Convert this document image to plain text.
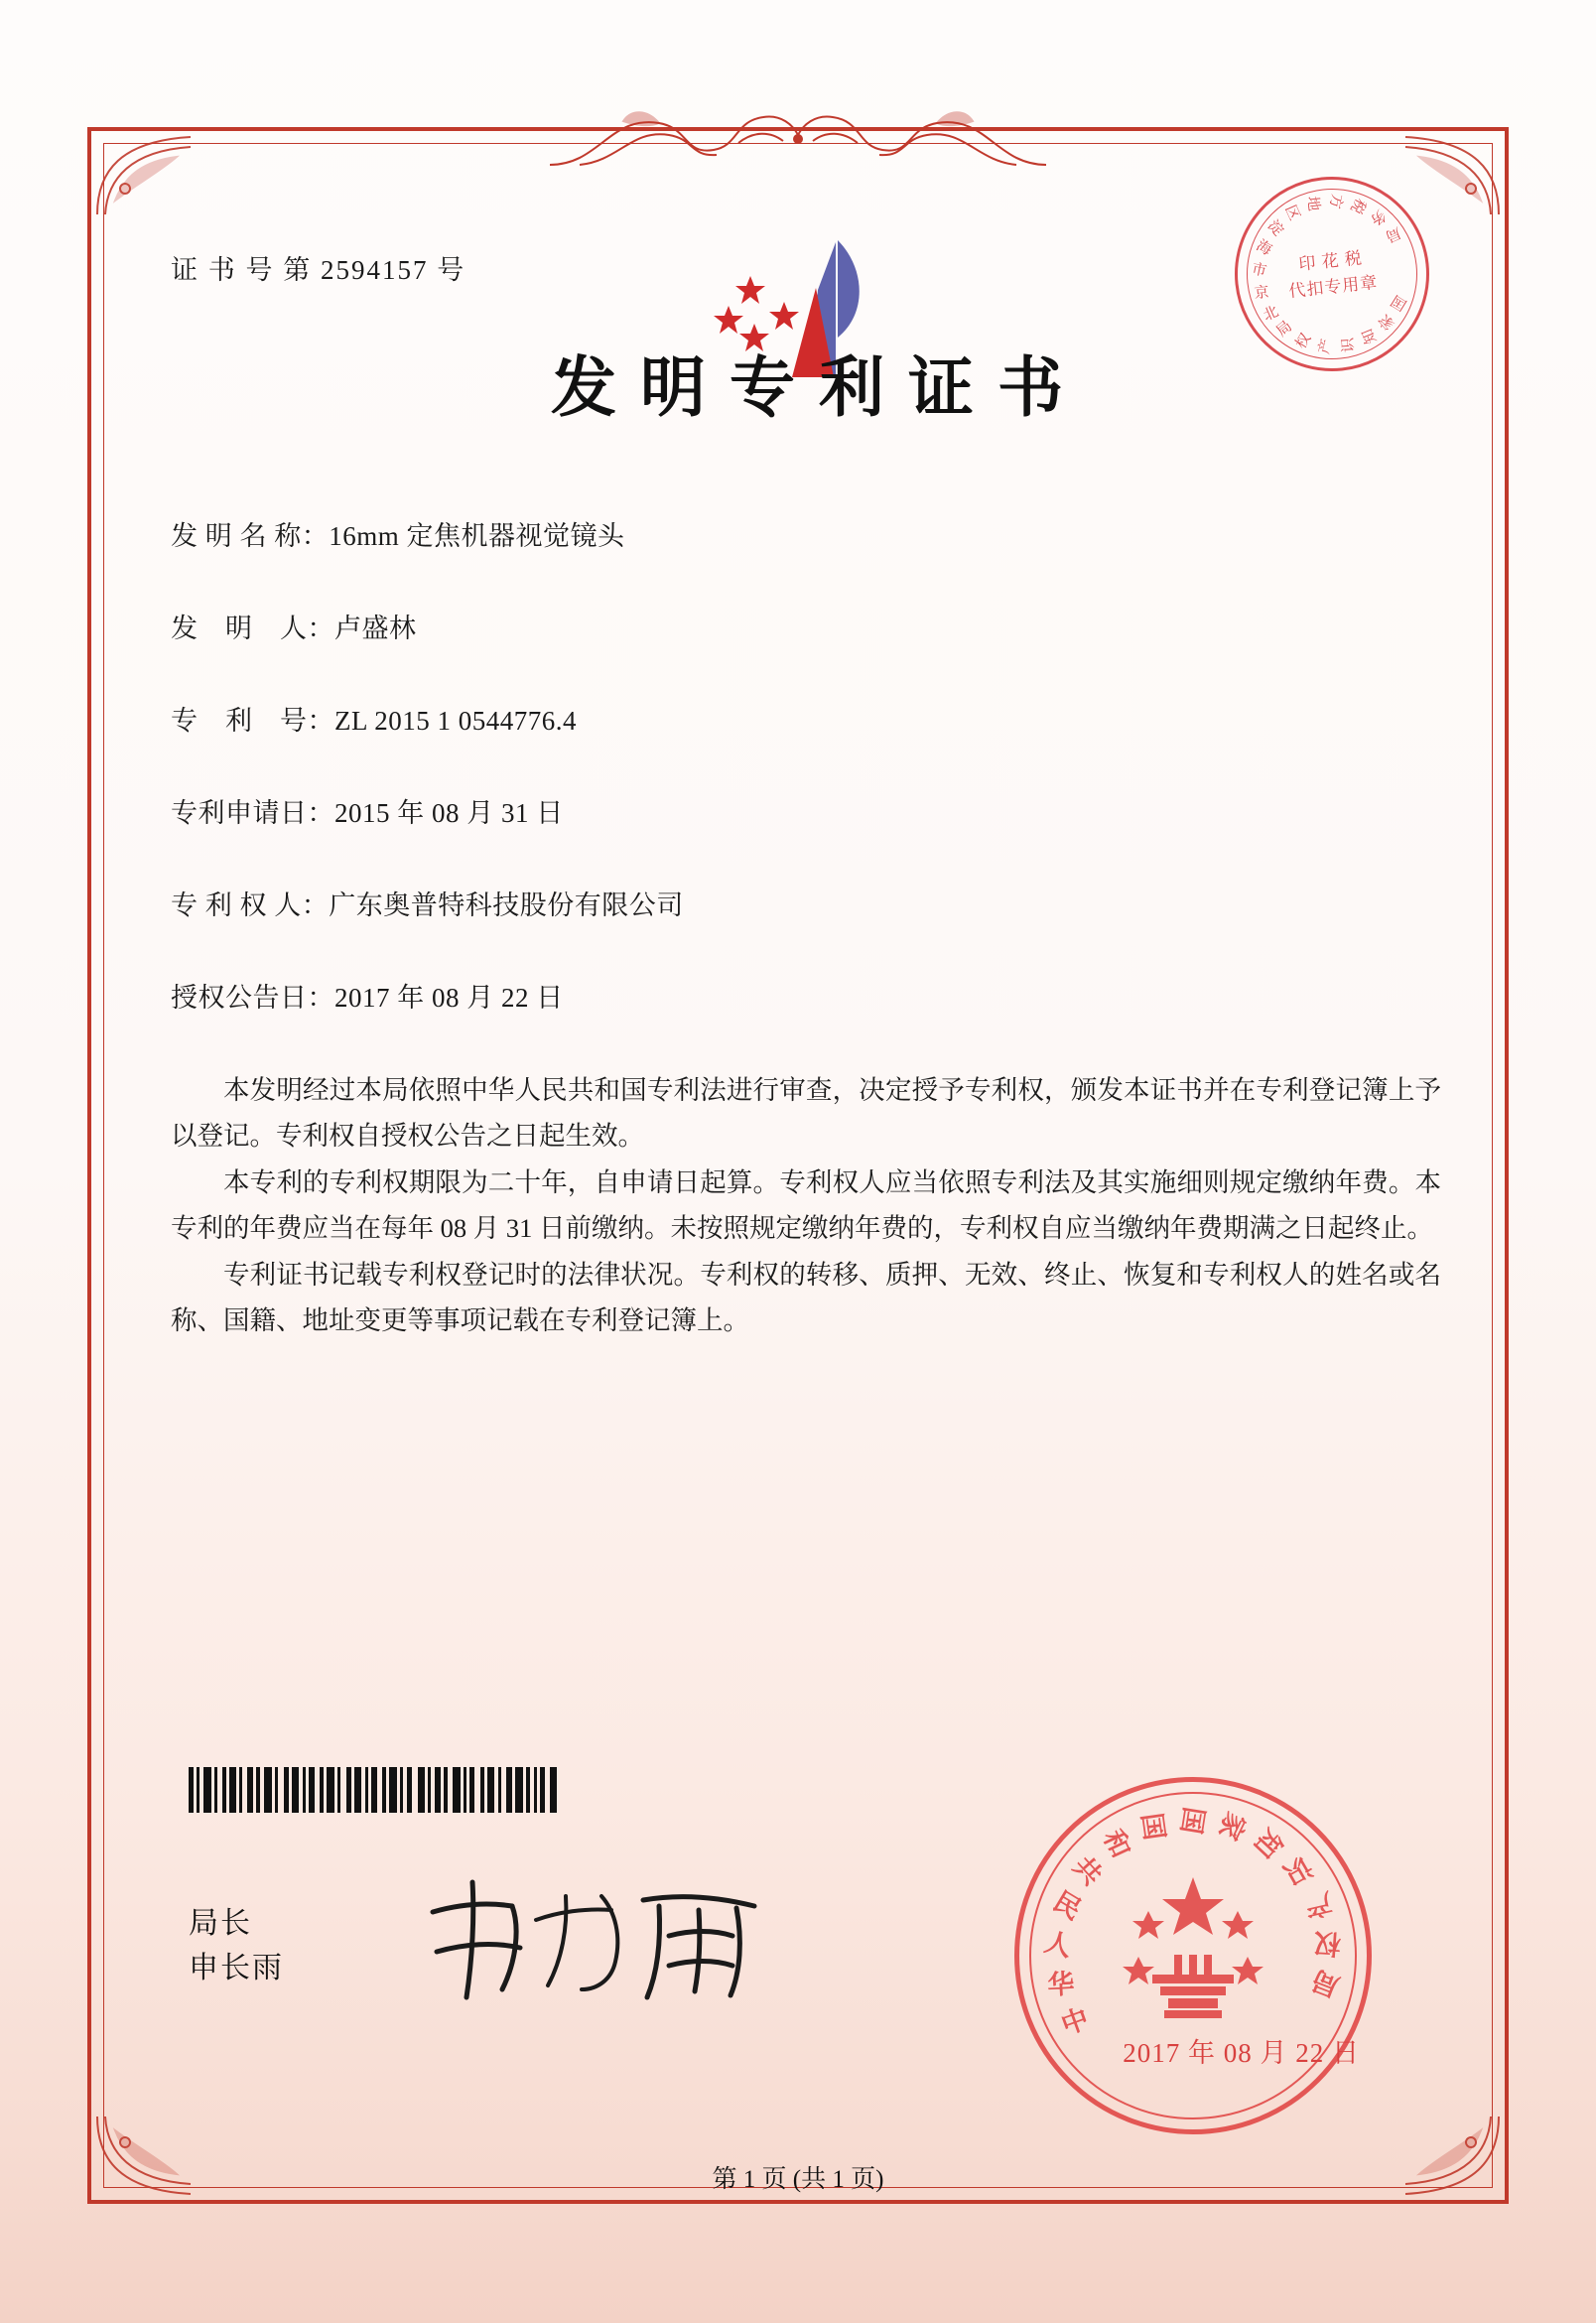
北
京
市
海
淀
区 地 方 税
务
局
国
家
知
识
产
权
局
印 花 税
代扣专用章
证 书 号 第 2594157 号
发明专利证书
发 明 名 称：16mm 定焦机器视觉镜头
发　明　人：卢盛林
专　利　号：ZL 2015 1 0544776.4
专利申请日：2015 年 08 月 31 日
专 利 权 人：广东奥普特科技股份有限公司
授权公告日：2017 年 08 月 22 日

本发明经过本局依照中华人民共和国专利法进行审查，决定授予专利权，颁发本证书并在专利登记簿上予以登记。专利权自授权公告之日起生效。

本专利的专利权期限为二十年，自申请日起算。专利权人应当依照专利法及其实施细则规定缴纳年费。本专利的年费应当在每年 08 月 31 日前缴纳。未按照规定缴纳年费的，专利权自应当缴纳年费期满之日起终止。

专利证书记载专利权登记时的法律状况。专利权的转移、质押、无效、终止、恢复和专利权人的姓名或名称、国籍、地址变更等事项记载在专利登记簿上。

局长
申长雨
中
华
人
民
共
和 国 国 家
知
识
产
权
局
2017 年 08 月 22 日
第 1 页 (共 1 页)
